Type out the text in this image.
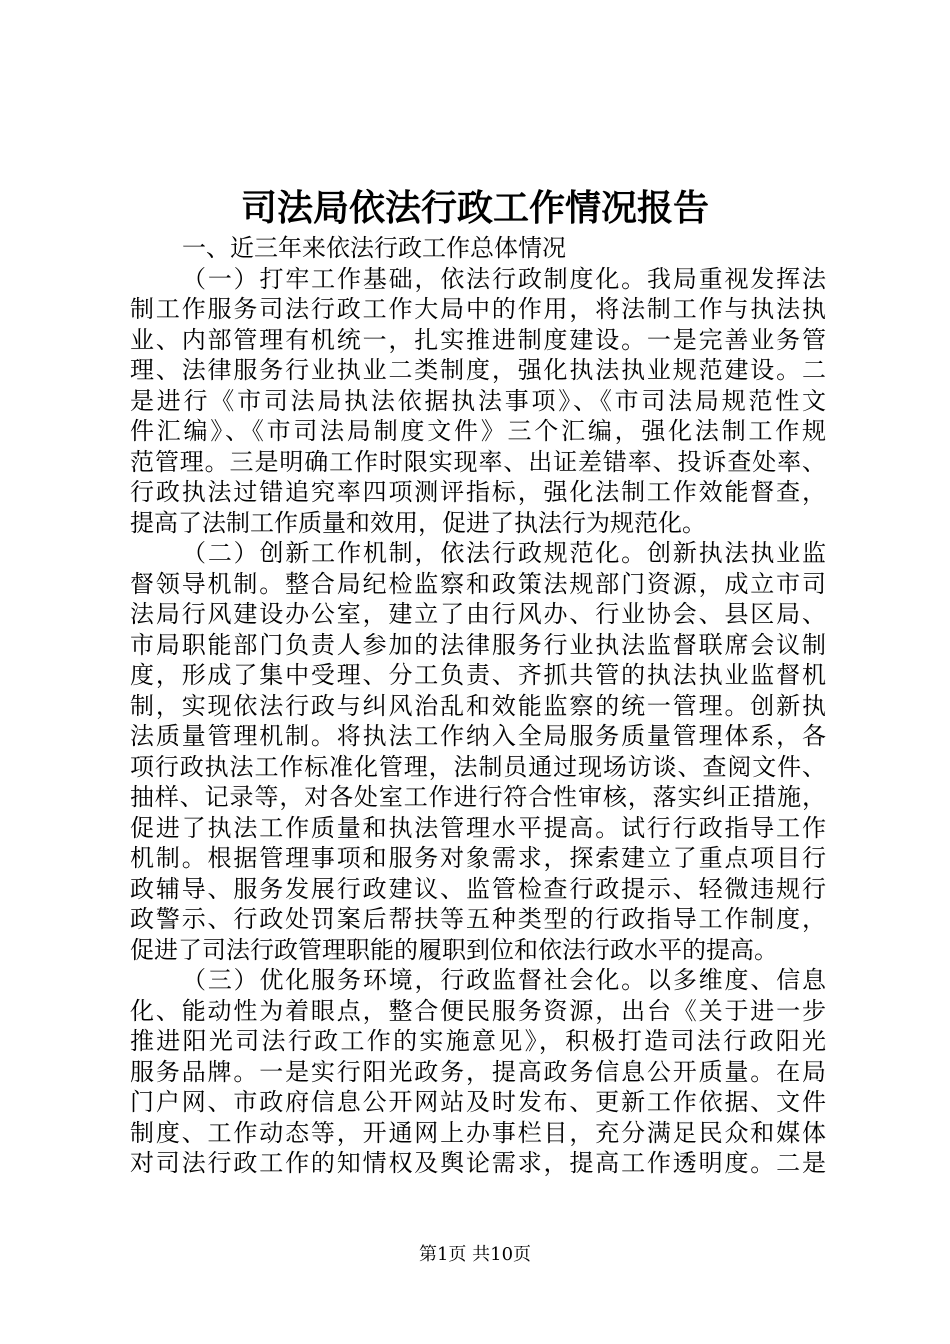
司法局依法行政工作情况报告

一、近三年来依法行政工作总体情况

（一）打牢工作基础，依法行政制度化。我局重视发挥法
制工作服务司法行政工作大局中的作用，将法制工作与执法执
业、内部管理有机统一，扎实推进制度建设。一是完善业务管
理、法律服务行业执业二类制度，强化执法执业规范建设。二
是进行《市司法局执法依据执法事项》、《市司法局规范性文
件汇编》、《市司法局制度文件》三个汇编，强化法制工作规
范管理。三是明确工作时限实现率、出证差错率、投诉查处率、
行政执法过错追究率四项测评指标，强化法制工作效能督查，
提高了法制工作质量和效用，促进了执法行为规范化。
（二）创新工作机制，依法行政规范化。创新执法执业监
督领导机制。整合局纪检监察和政策法规部门资源，成立市司
法局行风建设办公室，建立了由行风办、行业协会、县区局、
市局职能部门负责人参加的法律服务行业执法监督联席会议制
度，形成了集中受理、分工负责、齐抓共管的执法执业监督机
制，实现依法行政与纠风治乱和效能监察的统一管理。创新执
法质量管理机制。将执法工作纳入全局服务质量管理体系，各
项行政执法工作标准化管理，法制员通过现场访谈、查阅文件、
抽样、记录等，对各处室工作进行符合性审核，落实纠正措施，
促进了执法工作质量和执法管理水平提高。试行行政指导工作
机制。根据管理事项和服务对象需求，探索建立了重点项目行
政辅导、服务发展行政建议、监管检查行政提示、轻微违规行
政警示、行政处罚案后帮扶等五种类型的行政指导工作制度，
促进了司法行政管理职能的履职到位和依法行政水平的提高。
（三）优化服务环境，行政监督社会化。以多维度、信息
化、能动性为着眼点，整合便民服务资源，出台《关于进一步
推进阳光司法行政工作的实施意见》，积极打造司法行政阳光
服务品牌。一是实行阳光政务，提高政务信息公开质量。在局
门户网、市政府信息公开网站及时发布、更新工作依据、文件
制度、工作动态等，开通网上办事栏目，充分满足民众和媒体
对司法行政工作的知情权及舆论需求，提高工作透明度。二是
第1页 共10页
